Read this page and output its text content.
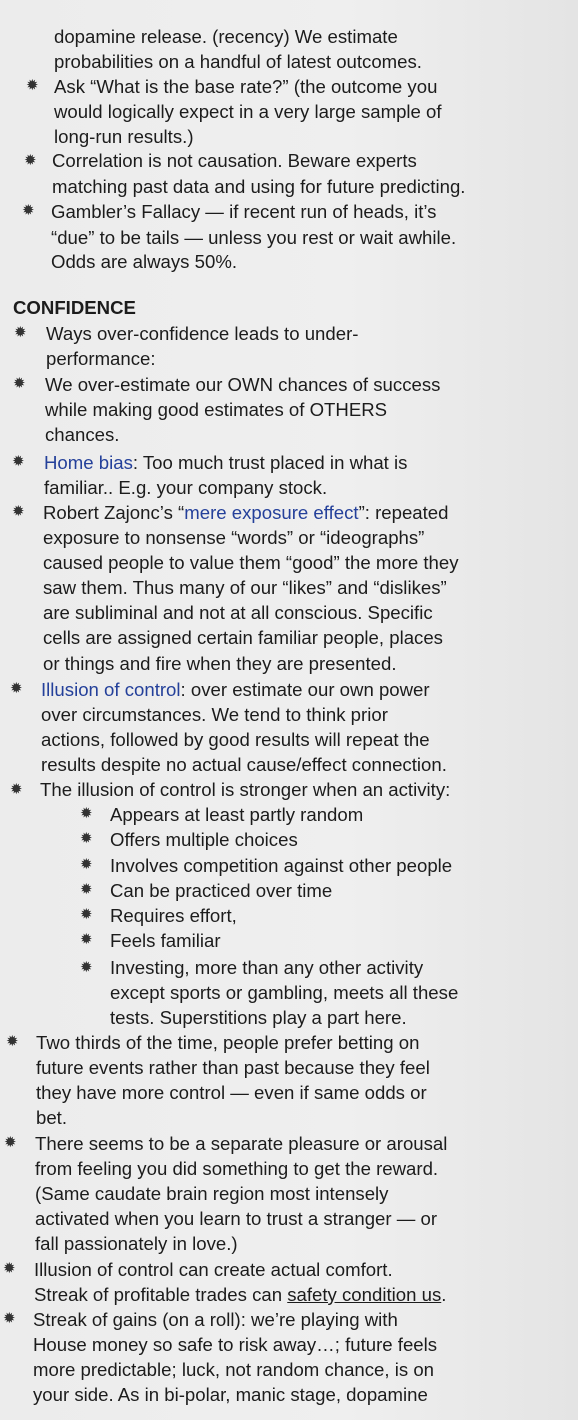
dopamine release. (recency) We estimate
probabilities on a handful of latest outcomes.
✹ Ask “What is the base rate?” (the outcome you
would logically expect in a very large sample of
long-run results.)
✹ Correlation is not causation. Beware experts
matching past data and using for future predicting.
✹ Gambler’s Fallacy — if recent run of heads, it’s
“due” to be tails — unless you rest or wait awhile.
Odds are always 50%.
CONFIDENCE
✹ Ways over-confidence leads to under-
performance:
✹ We over-estimate our OWN chances of success
while making good estimates of OTHERS
chances.
✹ Home bias: Too much trust placed in what is
familiar.. E.g. your company stock.
✹ Robert Zajonc’s “mere exposure effect”: repeated
exposure to nonsense “words” or “ideographs”
caused people to value them “good” the more they
saw them. Thus many of our “likes” and “dislikes”
are subliminal and not at all conscious. Specific
cells are assigned certain familiar people, places
or things and fire when they are presented.
✹ Illusion of control: over estimate our own power
over circumstances. We tend to think prior
actions, followed by good results will repeat the
results despite no actual cause/effect connection.
✹ The illusion of control is stronger when an activity:
✹ Appears at least partly random
✹ Offers multiple choices
✹ Involves competition against other people
✹ Can be practiced over time
✹ Requires effort,
✹ Feels familiar
✹ Investing, more than any other activity
except sports or gambling, meets all these
tests. Superstitions play a part here.
✹ Two thirds of the time, people prefer betting on
future events rather than past because they feel
they have more control — even if same odds or
bet.
✹ There seems to be a separate pleasure or arousal
from feeling you did something to get the reward.
(Same caudate brain region most intensely
activated when you learn to trust a stranger — or
fall passionately in love.)
✹ Illusion of control can create actual comfort.
Streak of profitable trades can safety condition us.
✹ Streak of gains (on a roll): we’re playing with
House money so safe to risk away…; future feels
more predictable; luck, not random chance, is on
your side. As in bi-polar, manic stage, dopamine
